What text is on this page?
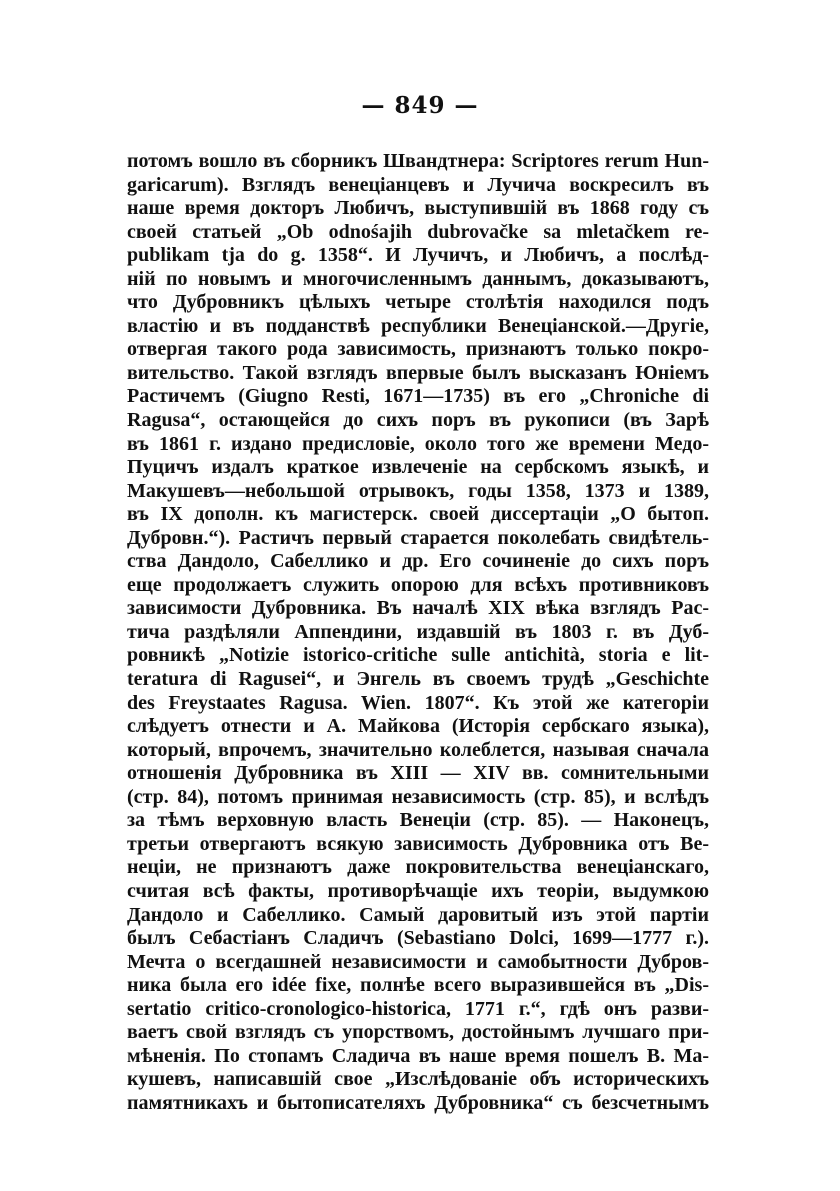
— 849 —
потомъ вошло въ сборникъ Швандтнера: Scriptores rerum Hun-
garicarum). Взглядъ венеціанцевъ и Лучича воскресилъ въ
наше время докторъ Любичъ, выступившій въ 1868 году съ
своей статьей „Ob odnośajih dubrovačke sa mletačkem re-
publikam tja do g. 1358“. И Лучичъ, и Любичъ, а послѣд-
ній по новымъ и многочисленнымъ даннымъ, доказываютъ,
что Дубровникъ цѣлыхъ четыре столѣтія находился подъ
властію и въ подданствѣ республики Венеціанской.—Другіе,
отвергая такого рода зависимость, признаютъ только покро-
вительство. Такой взглядъ впервые былъ высказанъ Юніемъ
Растичемъ (Giugno Resti, 1671—1735) въ его „Chroniche di
Ragusa“, остающейся до сихъ поръ въ рукописи (въ Зарѣ
въ 1861 г. издано предисловіе, около того же времени Медо-
Пуцичъ издалъ краткое извлеченіе на сербскомъ языкѣ, и
Макушевъ—небольшой отрывокъ, годы 1358, 1373 и 1389,
въ IX дополн. къ магистерск. своей диссертаціи „О бытоп.
Дубровн.“). Растичъ первый старается поколебать свидѣтель-
ства Дандоло, Сабеллико и др. Его сочиненіе до сихъ поръ
еще продолжаетъ служить опорою для всѣхъ противниковъ
зависимости Дубровника. Въ началѣ XIX вѣка взглядъ Рас-
тича раздѣляли Аппендини, издавшій въ 1803 г. въ Дуб-
ровникѣ „Notizie istorico-critiche sulle antichità, storia e lit-
teratura di Ragusei“, и Энгель въ своемъ трудѣ „Geschichte
des Freystaates Ragusa. Wien. 1807“. Къ этой же категоріи
слѣдуетъ отнести и А. Майкова (Исторія сербскаго языка),
который, впрочемъ, значительно колеблется, называя сначала
отношенія Дубровника въ XIII — XIV вв. сомнительными
(стр. 84), потомъ принимая независимость (стр. 85), и вслѣдъ
за тѣмъ верховную власть Венеціи (стр. 85). — Наконецъ,
третьи отвергаютъ всякую зависимость Дубровника отъ Ве-
неціи, не признаютъ даже покровительства венеціанскаго,
считая всѣ факты, противорѣчащіе ихъ теоріи, выдумкою
Дандоло и Сабеллико. Самый даровитый изъ этой партіи
былъ Себастіанъ Сладичъ (Sebastiano Dolci, 1699—1777 г.).
Мечта о всегдашней независимости и самобытности Дубров-
ника была его idée fixe, полнѣе всего выразившейся въ „Dis-
sertatio critico-cronologico-historica, 1771 г.“, гдѣ онъ разви-
ваетъ свой взглядъ съ упорствомъ, достойнымъ лучшаго при-
мѣненія. По стопамъ Сладича въ наше время пошелъ В. Ма-
кушевъ, написавшій свое „Изслѣдованіе объ историческихъ
памятникахъ и бытописателяхъ Дубровника“ съ безсчетнымъ
